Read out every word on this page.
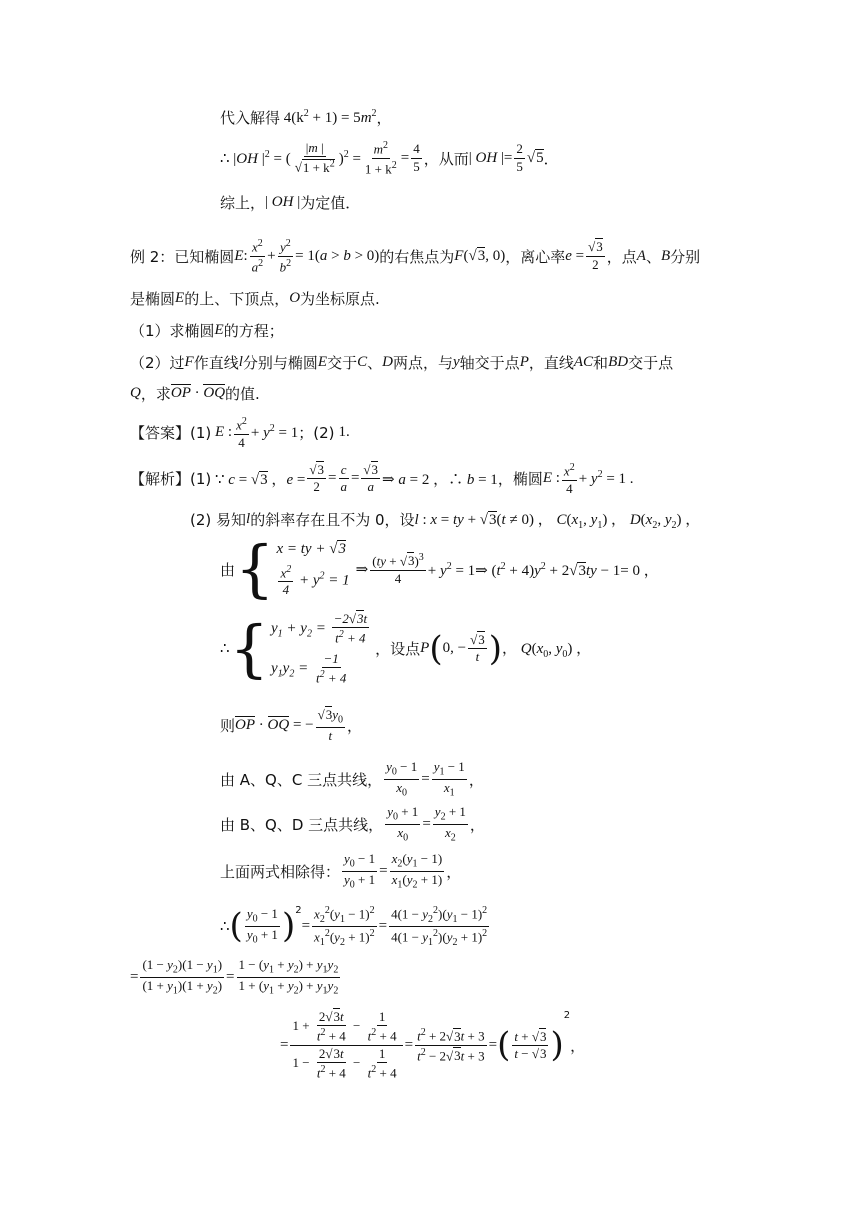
代入解得 $4(k^2 + 1) = 5m^2$ ，
∴ |OH $|^2$ = ( $\frac{|m |}{√1 + k^2} )^2 = \frac{m^2}{1 + k^2} = \frac{4}{5}$ ，从而 | OH |= $\frac{2}{5} √5$ ．
综上， | OH | 为定值．
例 2：已知椭圆 E : $\frac{x^2}{a^2} + \frac{y^2}{b^2} = 1(a > b > 0)$ 的右焦点为 F(√3, 0) ，离心率 $e = \frac{√3}{2}$ ，点 A 、 B 分别
是椭圆 E 的上、下顶点， O 为坐标原点.
（1）求椭圆 E 的方程；
（2）过 F 作直线 l 分别与椭圆 E 交于 C 、 D 两点，与 y 轴交于点 P ，直线 AC 和 BD 交于点
Q ，求 OP · OQ 的值.
【答案】(1) E : $\frac{x^2}{4} + y^2 = 1$ ；(2) 1.
【解析】(1) ∵ c = √3 ，$e = \frac{√3}{2} = \frac{c}{a} = \frac{√3}{a}$ ⇒ a = 2 ，∴ b = 1 ，椭圆 E : $\frac{x^2}{4} + y^2 = 1$ .
(2) 易知 l 的斜率存在且不为 0，设 l : x = ty + √3(t ≠ 0) ， $C(x_1$, $y_1$) ， $D(x_2$, $y_2$) ，
由 { x = ty + √3
$\frac{x^2}{4} + y^2 = 1$
⇒ $\frac{(ty + √3)^3}{4} + y^2$ = 1⇒ $(t^2 + 4)y^2 + 2√3ty - 1= 0$ ，
∴ { $y_1 + y_2 = \frac{-2√3t}{t^2 + 4}$
$y_1y_2 = \frac{-1}{t^2 + 4}$
，设点 P ( 0, − $\frac{√3}{t}$ ) ， $Q(x_0$, $y_0$) ，
则 OP · OQ = − $\frac{√3y_0}{t}$ ，
由 A、Q、C 三点共线， $\frac{y_0 - 1}{x_0} = \frac{y_1 - 1}{x_1}$ ，
由 B、Q、D 三点共线， $\frac{y_0 + 1}{x_0} = \frac{y_2 + 1}{x_2}$ ，
上面两式相除得： $\frac{y_0 - 1}{y_0 + 1} = \frac{x_2(y_1 - 1)}{x_1(y_2 + 1)}$ ，
∴ ( $\frac{y_0 - 1}{y_0 + 1} )^2$
= $\frac{x_2^2(y_1 - 1)^2}{x_1^2(y_2 + 1)^2} = \frac{4(1 - y_2^2)(y_1 - 1)^2}{4(1 - y_1^2)(y_2 + 1)^2}$
= $\frac{(1 - y_2)(1 - y_1)}{(1 + y_1)(1 + y_2)} = \frac{1 - (y_1 + y_2) + y_1y_2}{1 + (y_1 + y_2) + y_1y_2}$
= $\frac{1 + \frac{2√3t}{t^2 + 4} - \frac{1}{t^2 + 4}}{1 - \frac{2√3t}{t^2 + 4} - \frac{1}{t^2 + 4}} = \frac{t^2 + 2√3t + 3}{t^2 - 2√3t + 3}$ = ( $\frac{t + √3}{t - √3}$ )
2
，
